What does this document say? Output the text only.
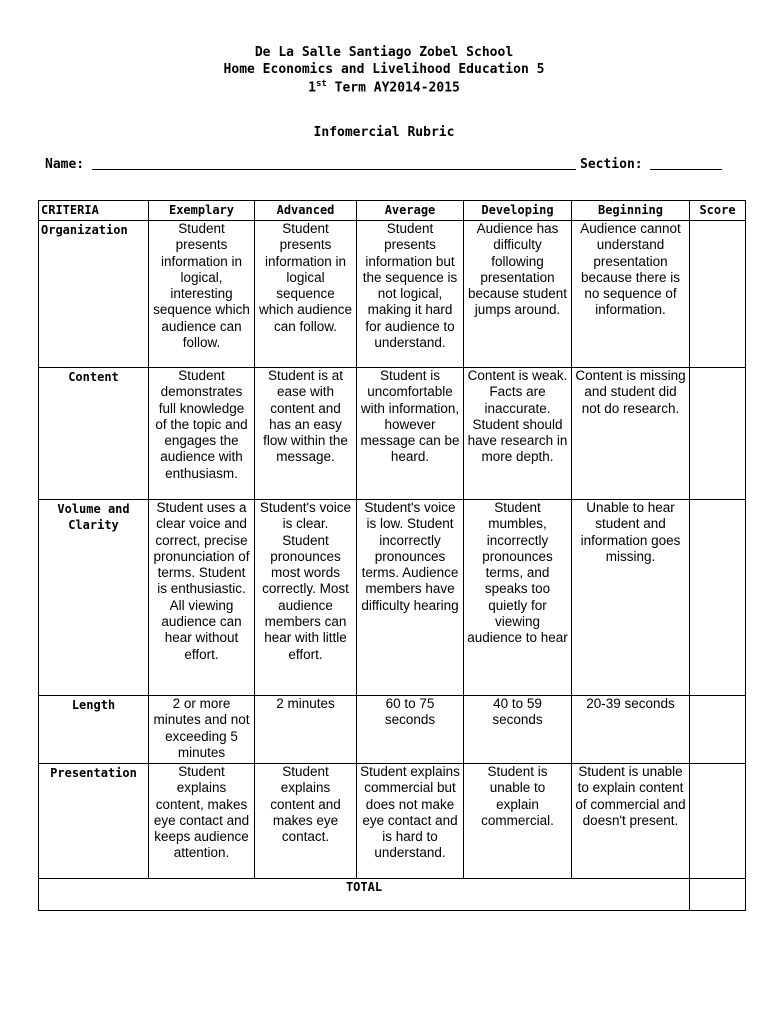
De La Salle Santiago Zobel School
Home Economics and Livelihood Education 5
1st Term AY2014-2015
Infomercial Rubric
Name:	Section:
CRITERIA	Exemplary	Advanced	Average	Developing	Beginning	Score
Organization	Student presents information in logical, interesting sequence which audience can follow.	Student presents information in logical sequence which audience can follow.	Student presents information but the sequence is not logical, making it hard for audience to understand.	Audience has difficulty following presentation because student jumps around.	Audience cannot understand presentation because there is no sequence of information.	
Content	Student demonstrates full knowledge of the topic and engages the audience with enthusiasm.	Student is at ease with content and has an easy flow within the message.	Student is uncomfortable with information, however message can be heard.	Content is weak. Facts are inaccurate. Student should have research in more depth.	Content is missing and student did not do research.	
Volume and Clarity	Student uses a clear voice and correct, precise pronunciation of terms. Student is enthusiastic. All viewing audience can hear without effort.	Student's voice is clear. Student pronounces most words correctly. Most audience members can hear with little effort.	Student's voice is low. Student incorrectly pronounces terms. Audience members have difficulty hearing	Student mumbles, incorrectly pronounces terms, and speaks too quietly for viewing audience to hear	Unable to hear student and information goes missing.	
Length	2 or more minutes and not exceeding 5 minutes	2 minutes	60 to 75 seconds	40 to 59 seconds	20-39 seconds	
Presentation	Student explains content, makes eye contact and keeps audience attention.	Student explains content and makes eye contact.	Student explains commercial but does not make eye contact and is hard to understand.	Student is unable to explain commercial.	Student is unable to explain content of commercial and doesn't present.	
TOTAL						
